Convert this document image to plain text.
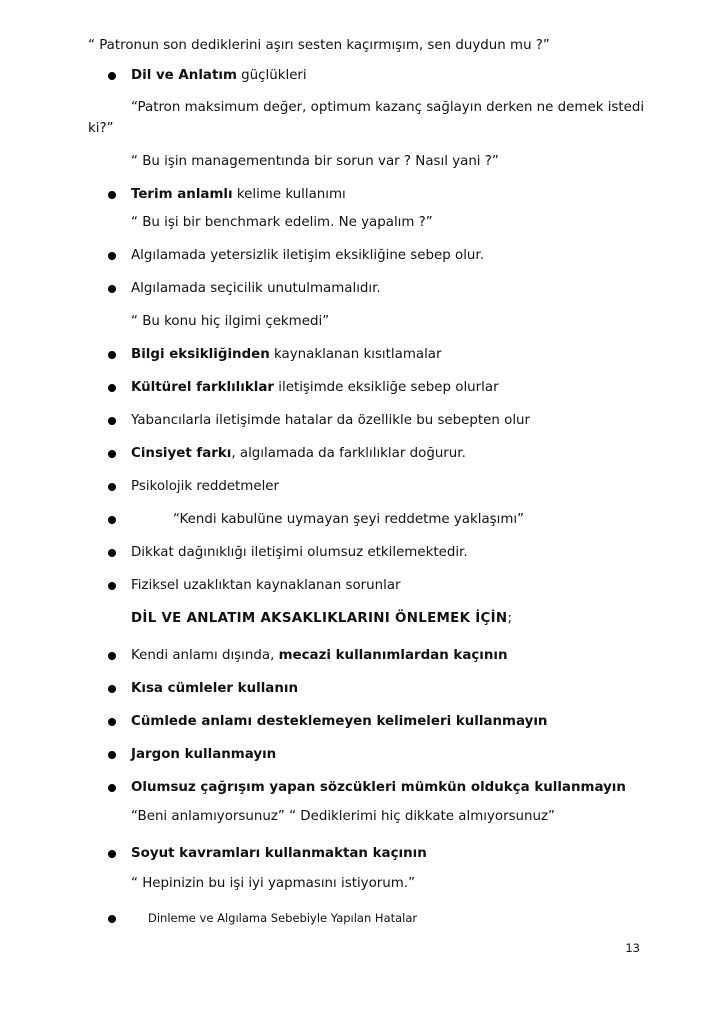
“ Patronun son dediklerini aşırı sesten kaçırmışım, sen duydun mu ?”
Dil ve Anlatım güçlükleri
“Patron maksimum değer, optimum kazanç sağlayın derken ne demek istedi
ki?”
“ Bu işin managementında bir sorun var ? Nasıl yani ?”
Terim anlamlı kelime kullanımı
“ Bu işi bir benchmark edelim. Ne yapalım ?”
Algılamada yetersizlik iletişim eksikliğine sebep olur.
Algılamada seçicilik unutulmamalıdır.
“ Bu konu hiç ilgimi çekmedi”
Bilgi eksikliğinden kaynaklanan kısıtlamalar
Kültürel farklılıklar iletişimde eksikliğe sebep olurlar
Yabancılarla iletişimde hatalar da özellikle bu sebepten olur
Cinsiyet farkı, algılamada da farklılıklar doğurur.
Psikolojik reddetmeler
“Kendi kabulüne uymayan şeyi reddetme yaklaşımı”
Dikkat dağınıklığı iletişimi olumsuz etkilemektedir.
Fiziksel uzaklıktan kaynaklanan sorunlar
DİL VE ANLATIM AKSAKLIKLARINI ÖNLEMEK İÇİN;
Kendi anlamı dışında, mecazi kullanımlardan kaçının
Kısa cümleler kullanın
Cümlede anlamı desteklemeyen kelimeleri kullanmayın
Jargon kullanmayın
Olumsuz çağrışım yapan sözcükleri mümkün oldukça kullanmayın
“Beni anlamıyorsunuz” “ Dediklerimi hiç dikkate almıyorsunuz”
Soyut kavramları kullanmaktan kaçının
“ Hepinizin bu işi iyi yapmasını istiyorum.”
Dinleme ve Algılama Sebebiyle Yapılan Hatalar
13
